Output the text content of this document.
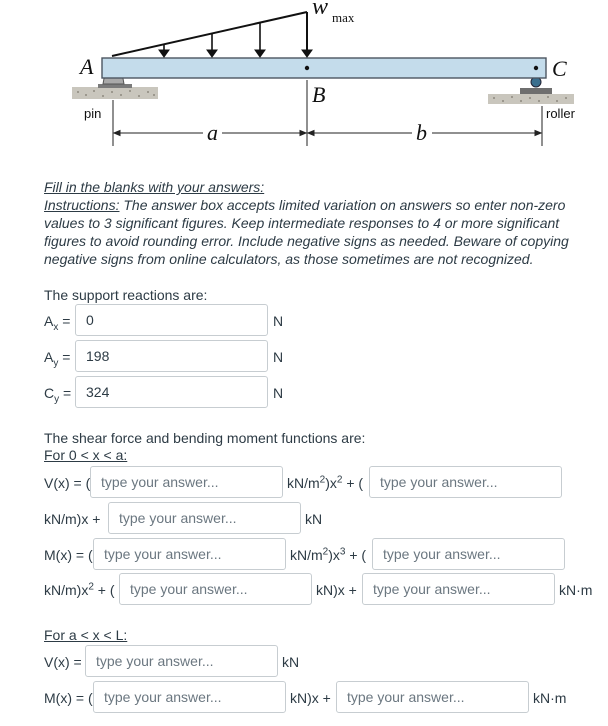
A
B
C
w max
a	b
pin	roller
Fill in the blanks with your answers:
Instructions: The answer box accepts limited variation on answers so enter non-zero values to 3 significant figures. Keep intermediate responses to 4 or more significant figures to avoid rounding error. Include negative signs as needed. Beware of copying negative signs from online calculators, as those sometimes are not recognized.
The support reactions are:
$A_x$ =	0	N
$A_y$ =	198	N
$C_y$ =	324	N
The shear force and bending moment functions are:
For 0 < x < a:
V(x) = ( type your answer...	$kN/m^2)x^2$ + ( type your answer...
kN/m)x + type your answer...	kN
M(x) = ( type your answer...	$kN/m^2)x^3$ + ( type your answer...
$kN/m)x^2$ + ( type your answer...	kN)x + type your answer...	kN·m
For a < x < L:
V(x) = type your answer...	kN
M(x) = ( type your answer...	kN)x + type your answer...	kN·m
